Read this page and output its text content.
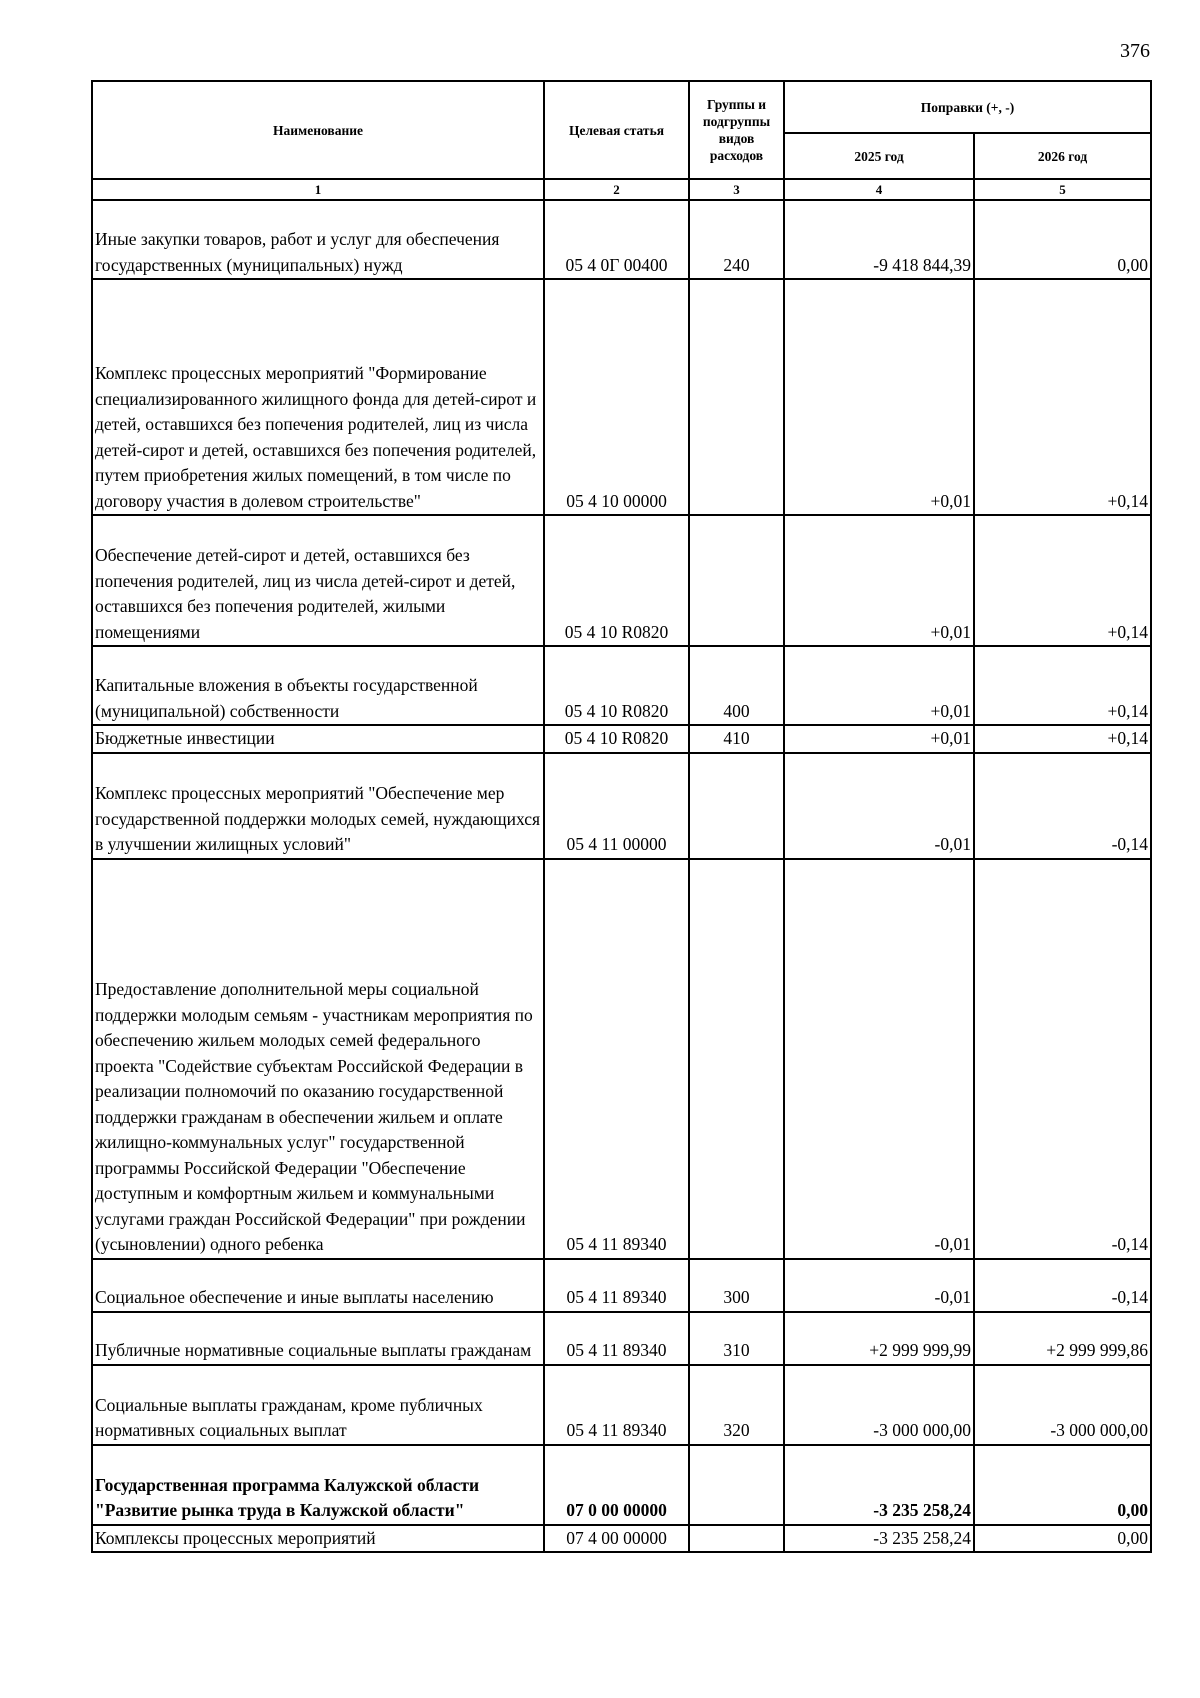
376
Наименование	Целевая статья	Группы и подгруппы видов расходов	Поправки (+, -)	
			2025 год	2026 год
1	2	3	4	5
Иные закупки товаров, работ и услуг для обеспечения государственных (муниципальных) нужд	05 4 0Г 00400	240	-9 418 844,39	0,00
Комплекс процессных мероприятий "Формирование специализированного жилищного фонда для детей-сирот и детей, оставшихся без попечения родителей, лиц из числа детей-сирот и детей, оставшихся без попечения родителей, путем приобретения жилых помещений, в том числе по договору участия в долевом строительстве"	05 4 10 00000		+0,01	+0,14
Обеспечение детей-сирот и детей, оставшихся без попечения родителей, лиц из числа детей-сирот и детей, оставшихся без попечения родителей, жилыми помещениями	05 4 10 R0820		+0,01	+0,14
Капитальные вложения в объекты государственной (муниципальной) собственности	05 4 10 R0820	400	+0,01	+0,14
Бюджетные инвестиции	05 4 10 R0820	410	+0,01	+0,14
Комплекс процессных мероприятий "Обеспечение мер государственной поддержки молодых семей, нуждающихся в улучшении жилищных условий"	05 4 11 00000		-0,01	-0,14
Предоставление дополнительной меры социальной поддержки молодым семьям - участникам мероприятия по обеспечению жильем молодых семей федерального проекта "Содействие субъектам Российской Федерации в реализации полномочий по оказанию государственной поддержки гражданам в обеспечении жильем и оплате жилищно-коммунальных услуг" государственной программы Российской Федерации "Обеспечение доступным и комфортным жильем и коммунальными услугами граждан Российской Федерации" при рождении (усыновлении) одного ребенка	05 4 11 89340		-0,01	-0,14
Социальное обеспечение и иные выплаты населению	05 4 11 89340	300	-0,01	-0,14
Публичные нормативные социальные выплаты гражданам	05 4 11 89340	310	+2 999 999,99	+2 999 999,86
Социальные выплаты гражданам, кроме публичных нормативных социальных выплат	05 4 11 89340	320	-3 000 000,00	-3 000 000,00
Государственная программа Калужской области "Развитие рынка труда в Калужской области"	07 0 00 00000		-3 235 258,24	0,00
Комплексы процессных мероприятий	07 4 00 00000		-3 235 258,24	0,00
